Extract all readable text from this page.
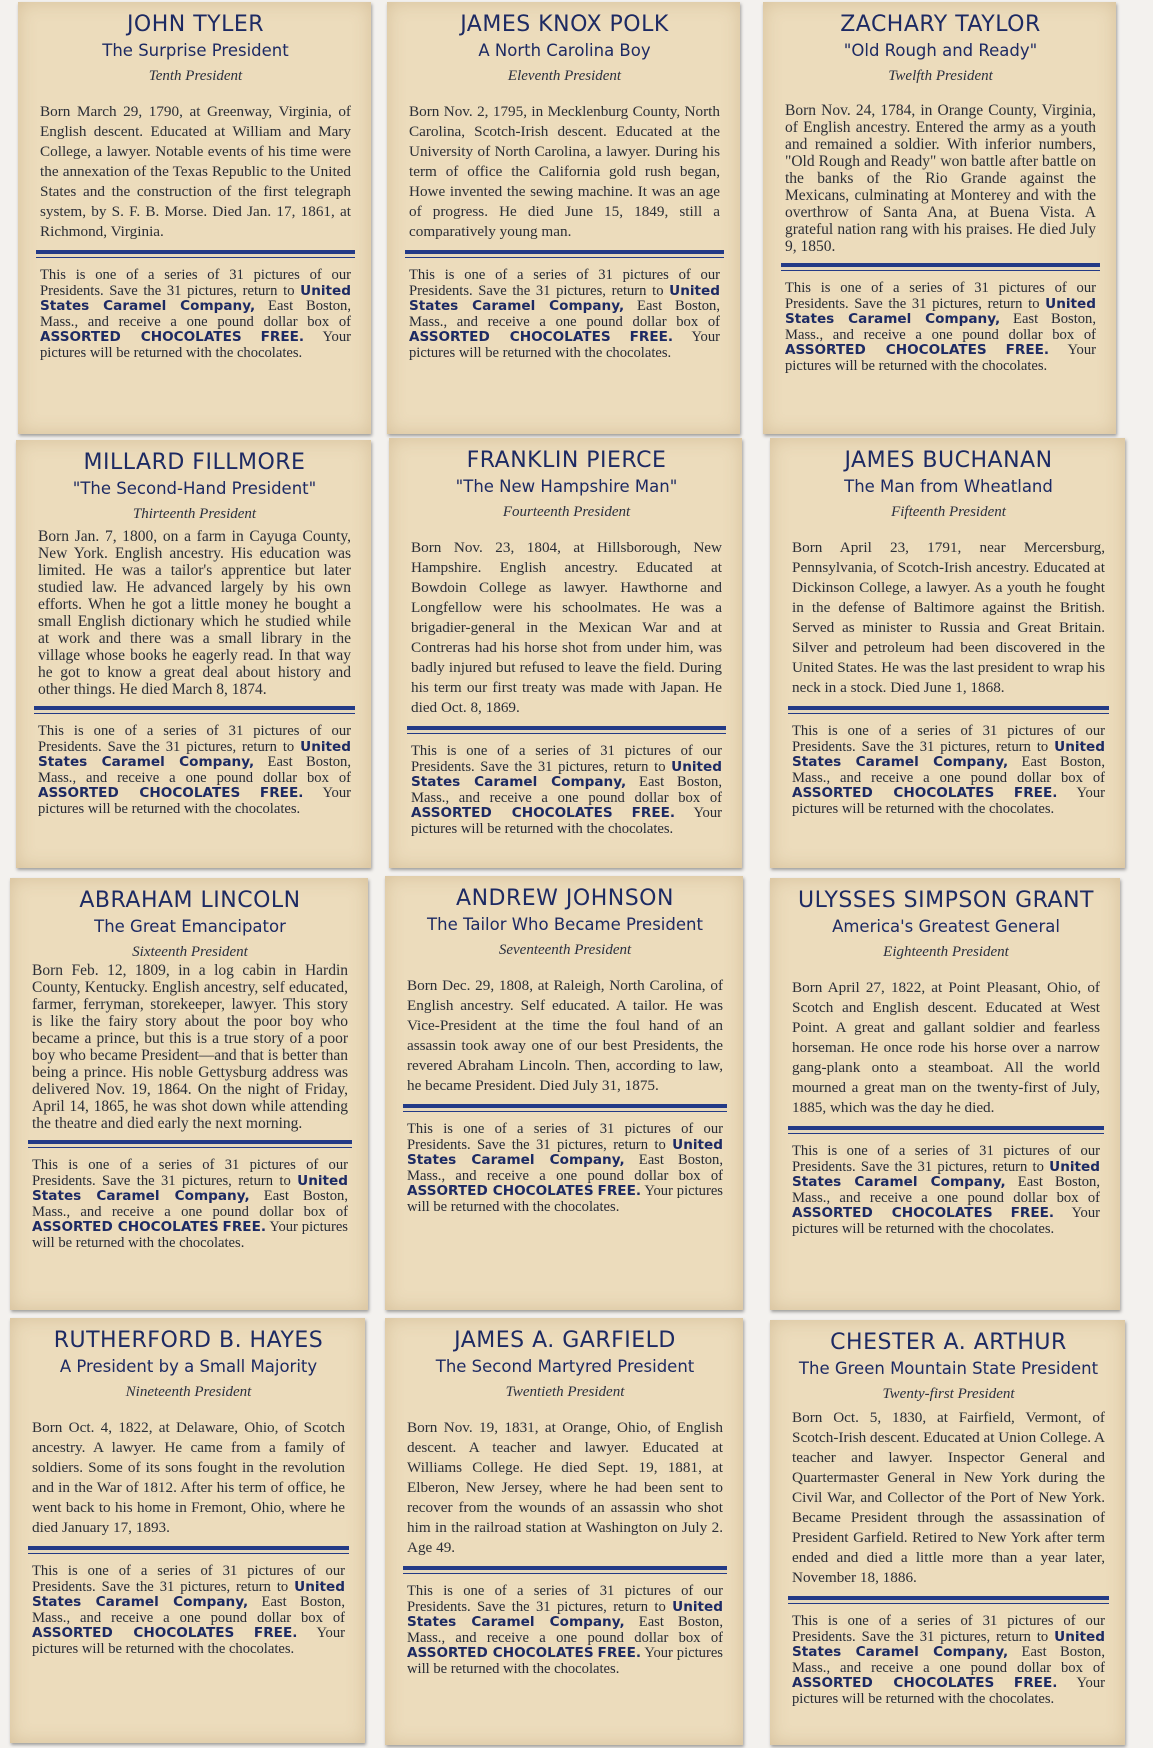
JOHN TYLER
The Surprise President
Tenth President
Born March 29, 1790, at Greenway, Virginia, of English descent. Educated at William and Mary College, a lawyer. Notable events of his time were the annexation of the Texas Republic to the United States and the construction of the first telegraph system, by S. F. B. Morse. Died Jan. 17, 1861, at Richmond, Virginia.
This is one of a series of 31 pictures of our Presidents. Save the 31 pictures, return to United States Caramel Company, East Boston, Mass., and receive a one pound dollar box of ASSORTED CHOCOLATES FREE. Your pictures will be returned with the chocolates.
JAMES KNOX POLK
A North Carolina Boy
Eleventh President
Born Nov. 2, 1795, in Mecklenburg County, North Carolina, Scotch-Irish descent. Educated at the University of North Carolina, a lawyer. During his term of office the California gold rush began, Howe invented the sewing machine. It was an age of progress. He died June 15, 1849, still a comparatively young man.
This is one of a series of 31 pictures of our Presidents. Save the 31 pictures, return to United States Caramel Company, East Boston, Mass., and receive a one pound dollar box of ASSORTED CHOCOLATES FREE. Your pictures will be returned with the chocolates.
ZACHARY TAYLOR
"Old Rough and Ready"
Twelfth President
Born Nov. 24, 1784, in Orange County, Virginia, of English ancestry. Entered the army as a youth and remained a soldier. With inferior numbers, "Old Rough and Ready" won battle after battle on the banks of the Rio Grande against the Mexicans, culminating at Monterey and with the overthrow of Santa Ana, at Buena Vista. A grateful nation rang with his praises. He died July 9, 1850.
This is one of a series of 31 pictures of our Presidents. Save the 31 pictures, return to United States Caramel Company, East Boston, Mass., and receive a one pound dollar box of ASSORTED CHOCOLATES FREE. Your pictures will be returned with the chocolates.
MILLARD FILLMORE
"The Second-Hand President"
Thirteenth President
Born Jan. 7, 1800, on a farm in Cayuga County, New York. English ancestry. His education was limited. He was a tailor's apprentice but later studied law. He advanced largely by his own efforts. When he got a little money he bought a small English dictionary which he studied while at work and there was a small library in the village whose books he eagerly read. In that way he got to know a great deal about history and other things. He died March 8, 1874.
This is one of a series of 31 pictures of our Presidents. Save the 31 pictures, return to United States Caramel Company, East Boston, Mass., and receive a one pound dollar box of ASSORTED CHOCOLATES FREE. Your pictures will be returned with the chocolates.
FRANKLIN PIERCE
"The New Hampshire Man"
Fourteenth President
Born Nov. 23, 1804, at Hillsborough, New Hampshire. English ancestry. Educated at Bowdoin College as lawyer. Hawthorne and Longfellow were his schoolmates. He was a brigadier-general in the Mexican War and at Contreras had his horse shot from under him, was badly injured but refused to leave the field. During his term our first treaty was made with Japan. He died Oct. 8, 1869.
This is one of a series of 31 pictures of our Presidents. Save the 31 pictures, return to United States Caramel Company, East Boston, Mass., and receive a one pound dollar box of ASSORTED CHOCOLATES FREE. Your pictures will be returned with the chocolates.
JAMES BUCHANAN
The Man from Wheatland
Fifteenth President
Born April 23, 1791, near Mercersburg, Pennsylvania, of Scotch-Irish ancestry. Educated at Dickinson College, a lawyer. As a youth he fought in the defense of Baltimore against the British. Served as minister to Russia and Great Britain. Silver and petroleum had been discovered in the United States. He was the last president to wrap his neck in a stock. Died June 1, 1868.
This is one of a series of 31 pictures of our Presidents. Save the 31 pictures, return to United States Caramel Company, East Boston, Mass., and receive a one pound dollar box of ASSORTED CHOCOLATES FREE. Your pictures will be returned with the chocolates.
ABRAHAM LINCOLN
The Great Emancipator
Sixteenth President
Born Feb. 12, 1809, in a log cabin in Hardin County, Kentucky. English ancestry, self educated, farmer, ferryman, storekeeper, lawyer. This story is like the fairy story about the poor boy who became a prince, but this is a true story of a poor boy who became President—and that is better than being a prince. His noble Gettysburg address was delivered Nov. 19, 1864. On the night of Friday, April 14, 1865, he was shot down while attending the theatre and died early the next morning.
This is one of a series of 31 pictures of our Presidents. Save the 31 pictures, return to United States Caramel Company, East Boston, Mass., and receive a one pound dollar box of ASSORTED CHOCOLATES FREE. Your pictures will be returned with the chocolates.
ANDREW JOHNSON
The Tailor Who Became President
Seventeenth President
Born Dec. 29, 1808, at Raleigh, North Carolina, of English ancestry. Self educated. A tailor. He was Vice-President at the time the foul hand of an assassin took away one of our best Presidents, the revered Abraham Lincoln. Then, according to law, he became President. Died July 31, 1875.
This is one of a series of 31 pictures of our Presidents. Save the 31 pictures, return to United States Caramel Company, East Boston, Mass., and receive a one pound dollar box of ASSORTED CHOCOLATES FREE. Your pictures will be returned with the chocolates.
ULYSSES SIMPSON GRANT
America's Greatest General
Eighteenth President
Born April 27, 1822, at Point Pleasant, Ohio, of Scotch and English descent. Educated at West Point. A great and gallant soldier and fearless horseman. He once rode his horse over a narrow gang-plank onto a steamboat. All the world mourned a great man on the twenty-first of July, 1885, which was the day he died.
This is one of a series of 31 pictures of our Presidents. Save the 31 pictures, return to United States Caramel Company, East Boston, Mass., and receive a one pound dollar box of ASSORTED CHOCOLATES FREE. Your pictures will be returned with the chocolates.
RUTHERFORD B. HAYES
A President by a Small Majority
Nineteenth President
Born Oct. 4, 1822, at Delaware, Ohio, of Scotch ancestry. A lawyer. He came from a family of soldiers. Some of its sons fought in the revolution and in the War of 1812. After his term of office, he went back to his home in Fremont, Ohio, where he died January 17, 1893.
This is one of a series of 31 pictures of our Presidents. Save the 31 pictures, return to United States Caramel Company, East Boston, Mass., and receive a one pound dollar box of ASSORTED CHOCOLATES FREE. Your pictures will be returned with the chocolates.
JAMES A. GARFIELD
The Second Martyred President
Twentieth President
Born Nov. 19, 1831, at Orange, Ohio, of English descent. A teacher and lawyer. Educated at Williams College. He died Sept. 19, 1881, at Elberon, New Jersey, where he had been sent to recover from the wounds of an assassin who shot him in the railroad station at Washington on July 2. Age 49.
This is one of a series of 31 pictures of our Presidents. Save the 31 pictures, return to United States Caramel Company, East Boston, Mass., and receive a one pound dollar box of ASSORTED CHOCOLATES FREE. Your pictures will be returned with the chocolates.
CHESTER A. ARTHUR
The Green Mountain State President
Twenty-first President
Born Oct. 5, 1830, at Fairfield, Vermont, of Scotch-Irish descent. Educated at Union College. A teacher and lawyer. Inspector General and Quartermaster General in New York during the Civil War, and Collector of the Port of New York. Became President through the assassination of President Garfield. Retired to New York after term ended and died a little more than a year later, November 18, 1886.
This is one of a series of 31 pictures of our Presidents. Save the 31 pictures, return to United States Caramel Company, East Boston, Mass., and receive a one pound dollar box of ASSORTED CHOCOLATES FREE. Your pictures will be returned with the chocolates.
